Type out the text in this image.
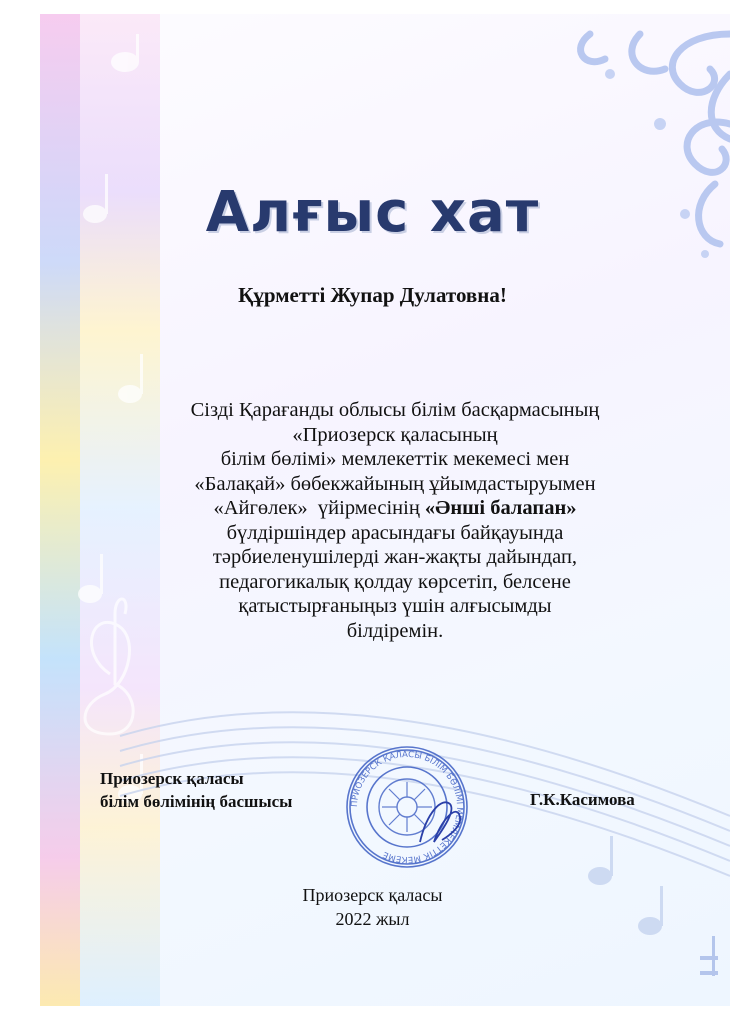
Алғыс хат
Құрметті Жупар Дулатовна!
Сізді Қарағанды облысы білім басқармасының
«Приозерск қаласының
білім бөлімі» мемлекеттік мекемесі мен
«Балақай» бөбекжайының ұйымдастыруымен
«Айгөлек»  үйірмесінің «Әнші балапан»
бүлдіршіндер арасындағы байқауында
тәрбиеленушілерді жан-жақты дайындап,
педагогикалық қолдау көрсетіп, белсене
қатыстырғаныңыз үшін алғысымды
білдіремін.
Приозерск қаласы
білім бөлімінің басшысы	ПРИОЗЕРСК ҚАЛАСЫ БІЛІМ БӨЛІМІ МЕМЛЕКЕТТІК МЕКЕМЕ
Г.К.Касимова
Приозерск қаласы
2022 жыл
